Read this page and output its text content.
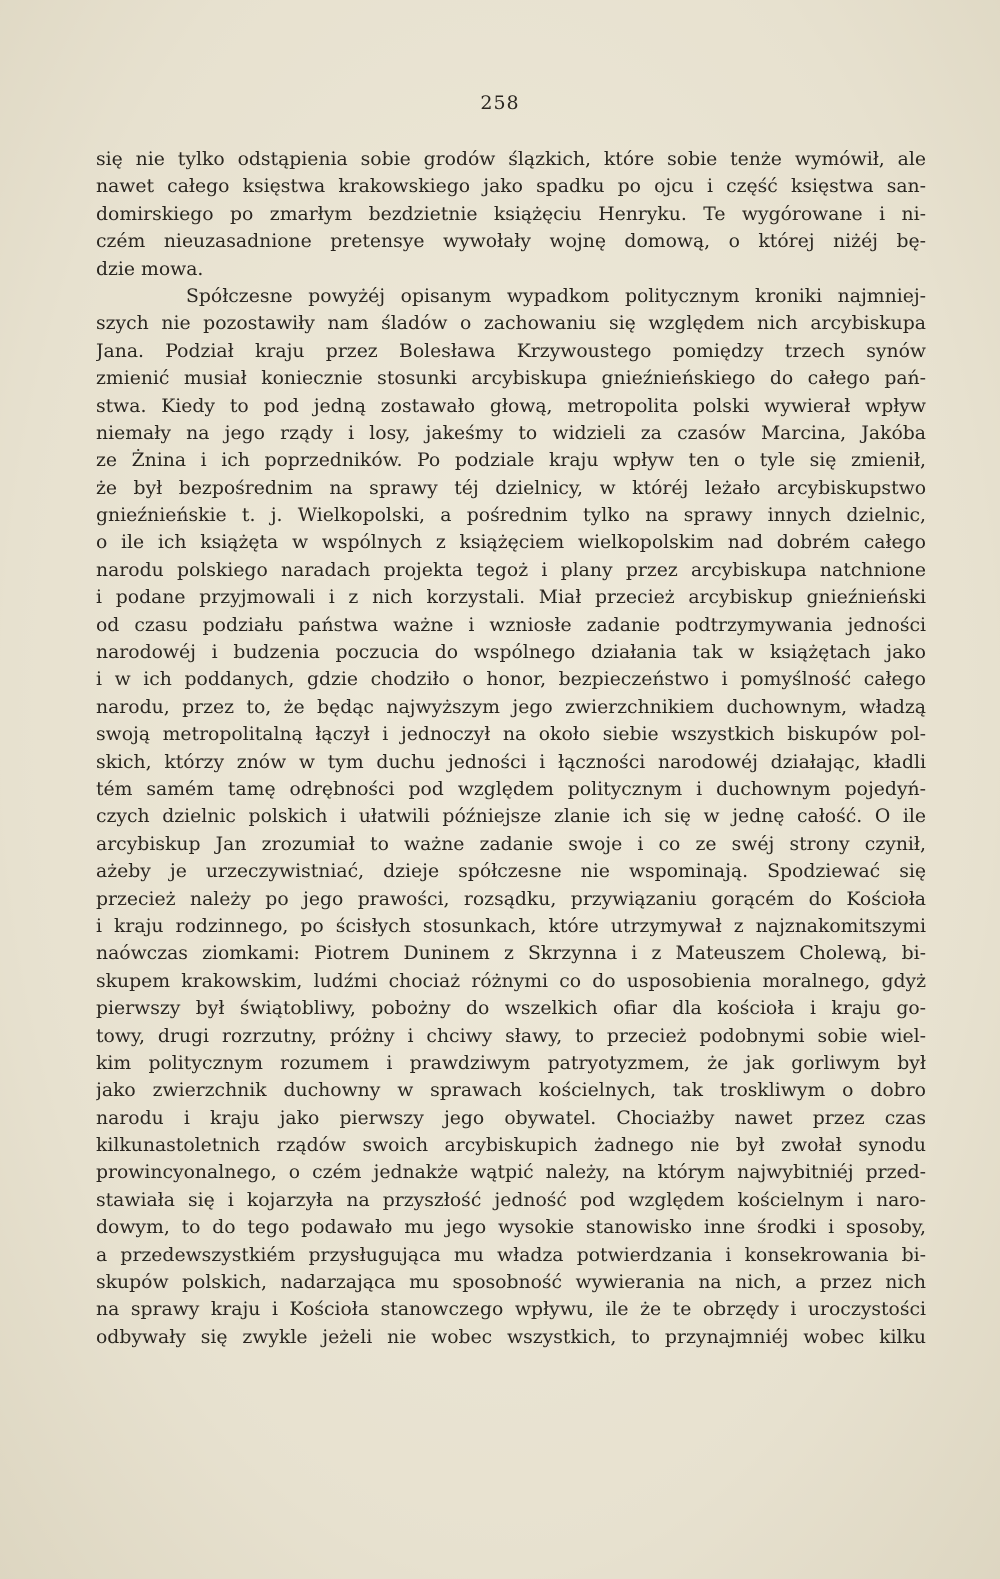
258
się nie tylko odstąpienia sobie grodów ślązkich, które sobie tenże wymówił, ale
nawet całego księstwa krakowskiego jako spadku po ojcu i część księstwa san-
domirskiego po zmarłym bezdzietnie książęciu Henryku. Te wygórowane i ni-
czém nieuzasadnione pretensye wywołały wojnę domową, o której niżéj bę-
dzie mowa.
Spółczesne powyżéj opisanym wypadkom politycznym kroniki najmniej-
szych nie pozostawiły nam śladów o zachowaniu się względem nich arcybiskupa
Jana. Podział kraju przez Bolesława Krzywoustego pomiędzy trzech synów
zmienić musiał koniecznie stosunki arcybiskupa gnieźnieńskiego do całego pań-
stwa. Kiedy to pod jedną zostawało głową, metropolita polski wywierał wpływ
niemały na jego rządy i losy, jakeśmy to widzieli za czasów Marcina, Jakóba
ze Żnina i ich poprzedników. Po podziale kraju wpływ ten o tyle się zmienił,
że był bezpośrednim na sprawy téj dzielnicy, w któréj leżało arcybiskupstwo
gnieźnieńskie t. j. Wielkopolski, a pośrednim tylko na sprawy innych dzielnic,
o ile ich książęta w wspólnych z książęciem wielkopolskim nad dobrém całego
narodu polskiego naradach projekta tegoż i plany przez arcybiskupa natchnione
i podane przyjmowali i z nich korzystali. Miał przecież arcybiskup gnieźnieński
od czasu podziału państwa ważne i wzniosłe zadanie podtrzymywania jedności
narodowéj i budzenia poczucia do wspólnego działania tak w książętach jako
i w ich poddanych, gdzie chodziło o honor, bezpieczeństwo i pomyślność całego
narodu, przez to, że będąc najwyższym jego zwierzchnikiem duchownym, władzą
swoją metropolitalną łączył i jednoczył na około siebie wszystkich biskupów pol-
skich, którzy znów w tym duchu jedności i łączności narodowéj działając, kładli
tém samém tamę odrębności pod względem politycznym i duchownym pojedyń-
czych dzielnic polskich i ułatwili późniejsze zlanie ich się w jednę całość. O ile
arcybiskup Jan zrozumiał to ważne zadanie swoje i co ze swéj strony czynił,
ażeby je urzeczywistniać, dzieje spółczesne nie wspominają. Spodziewać się
przecież należy po jego prawości, rozsądku, przywiązaniu gorącém do Kościoła
i kraju rodzinnego, po ścisłych stosunkach, które utrzymywał z najznakomitszymi
naówczas ziomkami: Piotrem Duninem z Skrzynna i z Mateuszem Cholewą, bi-
skupem krakowskim, ludźmi chociaż różnymi co do usposobienia moralnego, gdyż
pierwszy był świątobliwy, pobożny do wszelkich ofiar dla kościoła i kraju go-
towy, drugi rozrzutny, próżny i chciwy sławy, to przecież podobnymi sobie wiel-
kim politycznym rozumem i prawdziwym patryotyzmem, że jak gorliwym był
jako zwierzchnik duchowny w sprawach kościelnych, tak troskliwym o dobro
narodu i kraju jako pierwszy jego obywatel. Chociażby nawet przez czas
kilkunastoletnich rządów swoich arcybiskupich żadnego nie był zwołał synodu
prowincyonalnego, o czém jednakże wątpić należy, na którym najwybitniéj przed-
stawiała się i kojarzyła na przyszłość jedność pod względem kościelnym i naro-
dowym, to do tego podawało mu jego wysokie stanowisko inne środki i sposoby,
a przedewszystkiém przysługująca mu władza potwierdzania i konsekrowania bi-
skupów polskich, nadarzająca mu sposobność wywierania na nich, a przez nich
na sprawy kraju i Kościoła stanowczego wpływu, ile że te obrzędy i uroczystości
odbywały się zwykle jeżeli nie wobec wszystkich, to przynajmniéj wobec kilku
